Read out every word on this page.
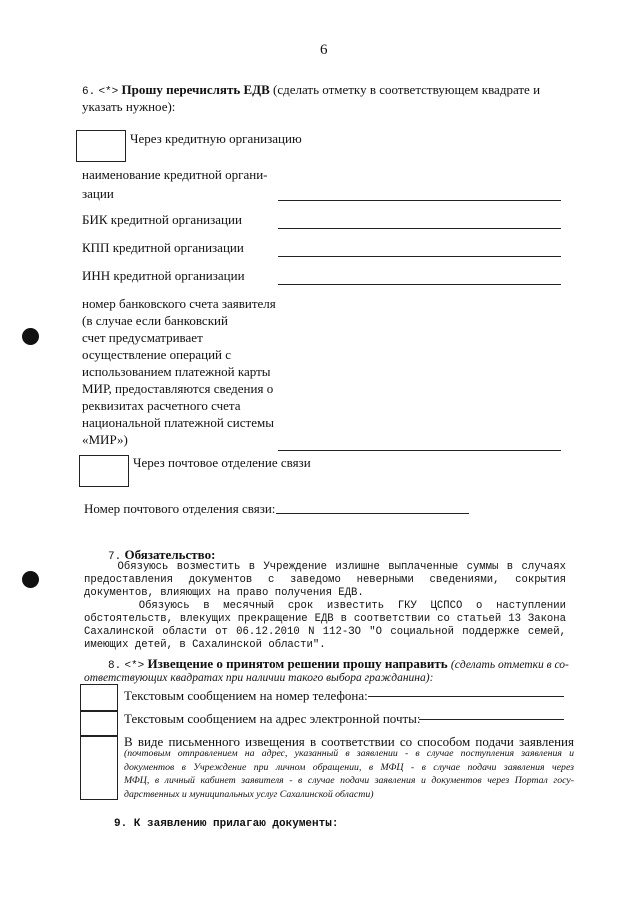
6
6. <*> Прошу перечислять ЕДВ (сделать отметку в соответствующем квадрате и
указать нужное):
Через кредитную организацию
наименование кредитной органи-
зации
БИК кредитной организации
КПП кредитной организации
ИНН кредитной организации
номер банковского счета заявителя
(в случае если банковский
счет предусматривает
осуществление операций с
использованием платежной карты
МИР, предоставляются сведения о
реквизитах расчетного счета
национальной платежной системы
«МИР»)
Через почтовое отделение связи
Номер почтового отделения связи:
7. Обязательство:
Обязуюсь возместить в Учреждение излишне выплаченные суммы в случаях
предоставления документов с заведомо неверными сведениями, сокрытия
документов, влияющих на право получения ЕДВ.
Обязуюсь в месячный срок известить ГКУ ЦСПСО о наступлении
обстоятельств, влекущих прекращение ЕДВ в соответствии со статьей 13 Закона
Сахалинской области от 06.12.2010 N 112-ЗО "О социальной поддержке семей,
имеющих детей, в Сахалинской области".
8. <*> Извещение о принятом решении прошу направить (сделать отметки в со-
ответствующих квадратах при наличии такого выбора гражданина):
Текстовым сообщением на номер телефона:
Текстовым сообщением на адрес электронной почты:
В виде письменного извещения в соответствии со способом подачи заявления
(почтовым отправлением на адрес, указанный в заявлении - в случае поступления заявления и
документов в Учреждение при личном обращении, в МФЦ - в случае подачи заявления через
МФЦ, в личный кабинет заявителя - в случае подачи заявления и документов через Портал госу-
дарственных и муниципальных услуг Сахалинской области)
9. К заявлению прилагаю документы:
